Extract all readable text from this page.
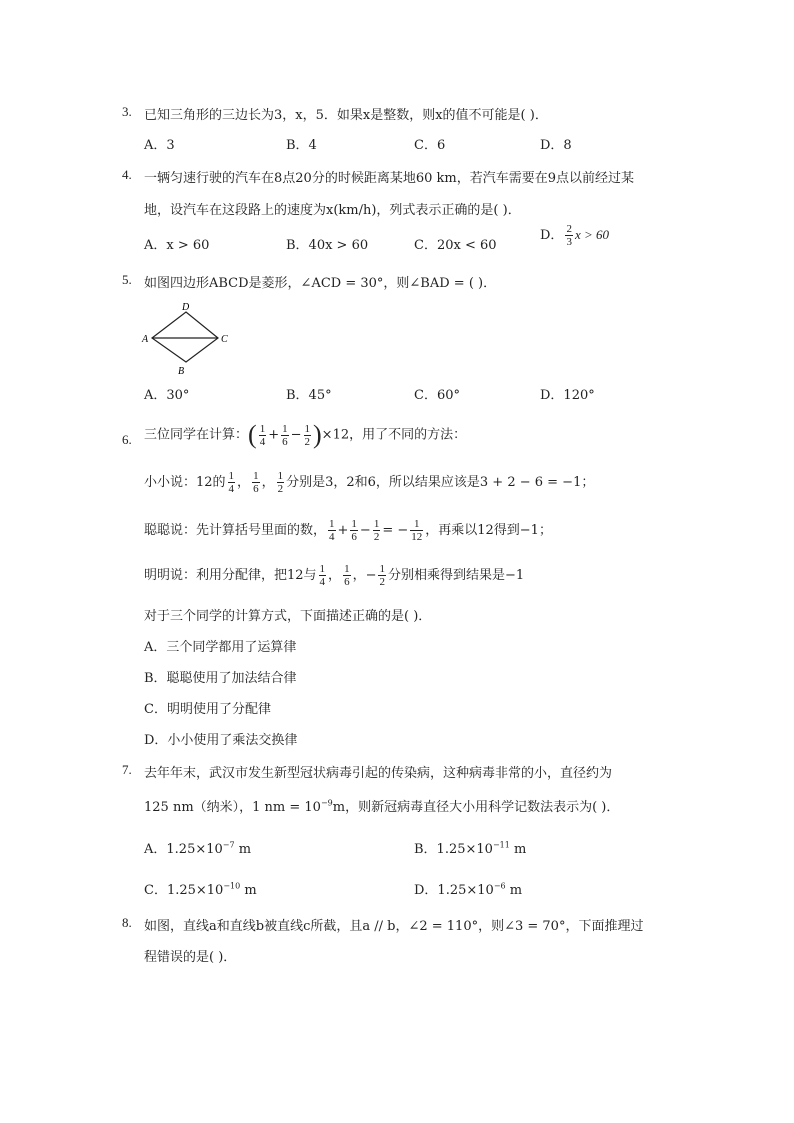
3. 已知三角形的三边长为3，x，5．如果x是整数，则x的值不可能是( )．
A．3	B．4	C．6	D．8
4. 一辆匀速行驶的汽车在8点20分的时候距离某地60 km，若汽车需要在9点以前经过某
地，设汽车在这段路上的速度为x(km/h)，列式表示正确的是( )．
A．x > 60	B．40x > 60	C．20x < 60
D． $\frac{2}{3}$ x > 60
5. 如图四边形ABCD是菱形，∠ACD = 30°，则∠BAD = ( )．
A
B
C
D
A．30°	B．45°	C．60°	D．120°
6. 三位同学在计算：( $\frac{1}{4} + \frac{1}{6} - \frac{1}{2} )\times 12$，用了不同的方法：
小小说：12的 $\frac{1}{4}$ ， $\frac{1}{6}$ ， $\frac{1}{2}$ 分别是3，2和6，所以结果应该是3 + 2 − 6 = −1；
聪聪说：先计算括号里面的数， $\frac{1}{4} + \frac{1}{6} - \frac{1}{2}$ = − $\frac{1}{12}$ ，再乘以12得到−1；
明明说：利用分配律，把12与 $\frac{1}{4}$ ， $\frac{1}{6}$ ，− $\frac{1}{2}$ 分别相乘得到结果是−1
对于三个同学的计算方式，下面描述正确的是( )．
A．三个同学都用了运算律
B．聪聪使用了加法结合律
C．明明使用了分配律
D．小小使用了乘法交换律
7. 去年年末，武汉市发生新型冠状病毒引起的传染病，这种病毒非常的小，直径约为
125 nm（纳米），1 nm = $10^{-9}m$，则新冠病毒直径大小用科学记数法表示为( )．
A．$1.25\times 10^{-7}$ m	B．$1.25\times 10^{-11}$ m
C．$1.25\times 10^{-10}$ m	D．$1.25\times 10^{-6}$ m
8. 如图，直线a和直线b被直线c所截，且a // b，∠2 = 110°，则∠3 = 70°，下面推理过
程错误的是( )．
